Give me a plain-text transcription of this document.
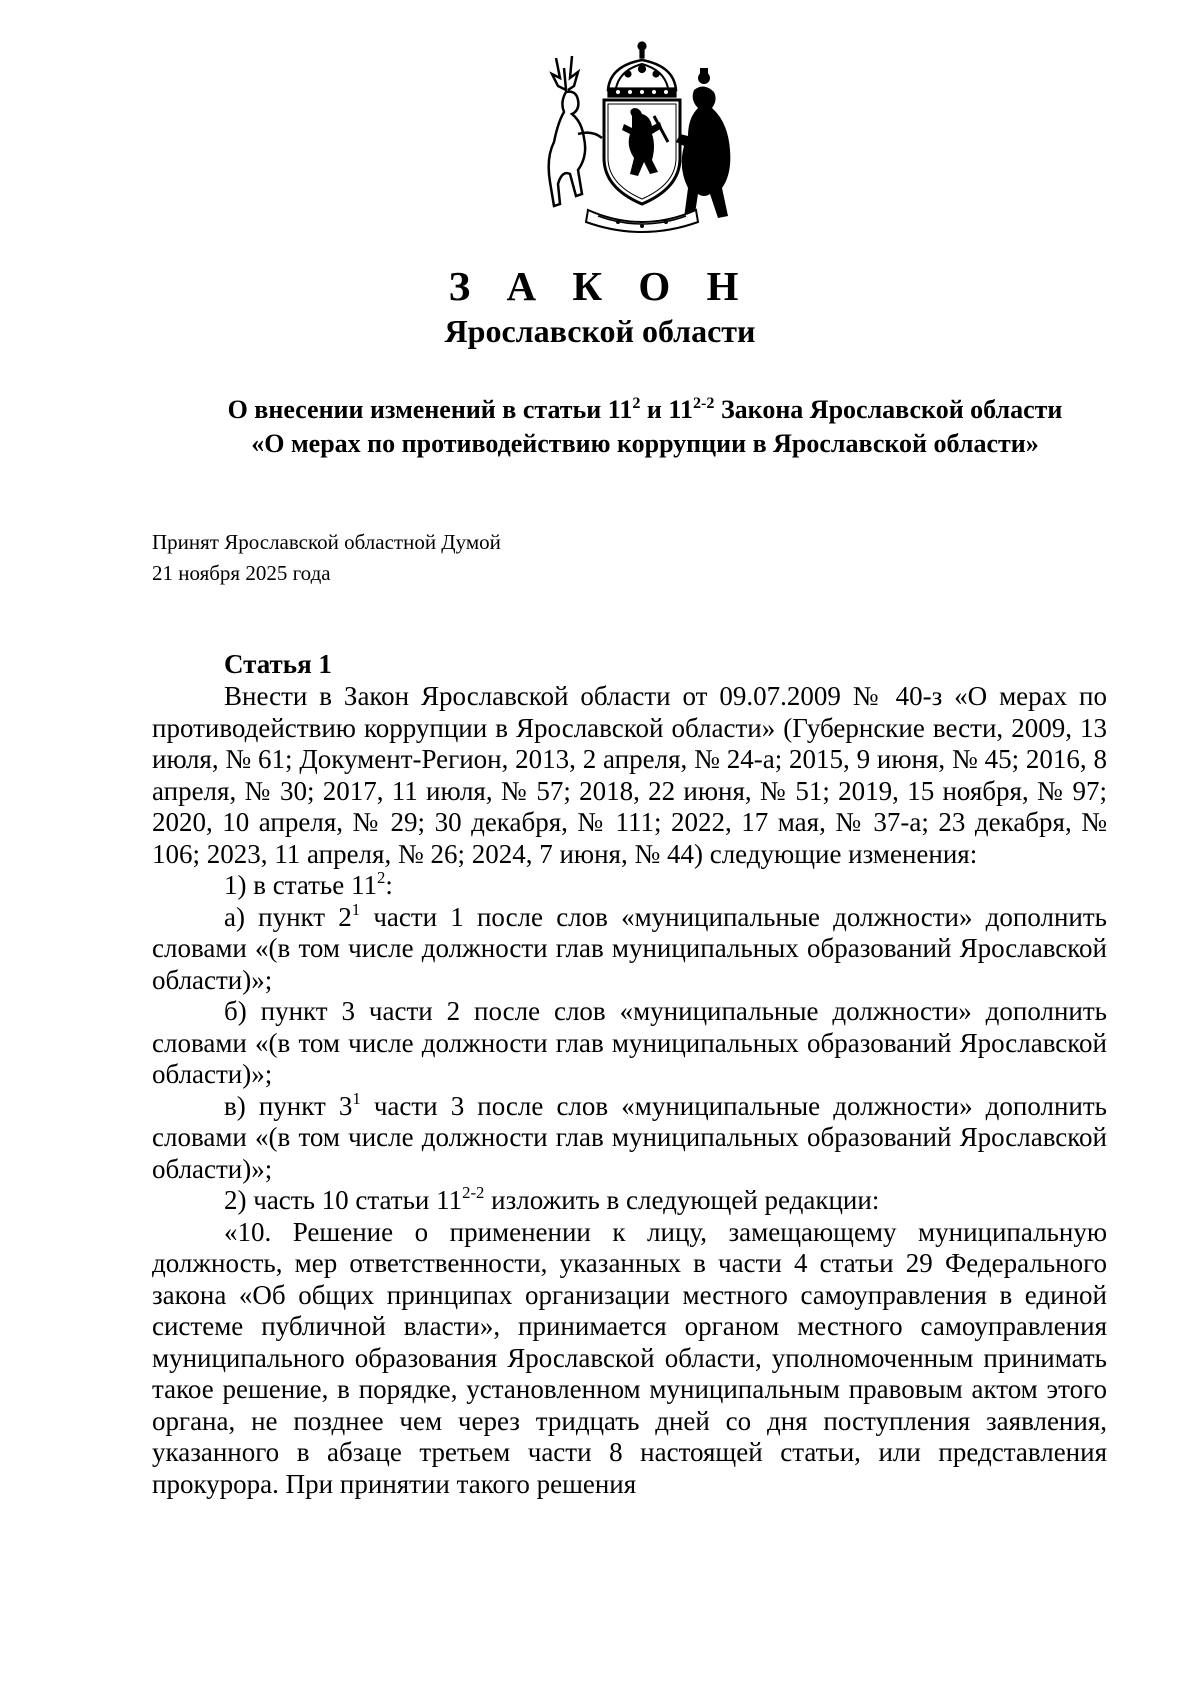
З А К О Н
Ярославской области
О внесении изменений в статьи $11^2$ и 11$^{2-2}$ Закона Ярославской области
«О мерах по противодействию коррупции в Ярославской области»
Принят Ярославской областной Думой
21 ноября 2025 года

Статья 1

Внести в Закон Ярославской области от 09.07.2009 № 40-з «О мерах по противодействию коррупции в Ярославской области» (Губернские вести, 2009, 13 июля, № 61; Документ-Регион, 2013, 2 апреля, № 24-а; 2015, 9 июня, № 45; 2016, 8 апреля, № 30; 2017, 11 июля, № 57; 2018, 22 июня, № 51; 2019, 15 ноября, № 97; 2020, 10 апреля, № 29; 30 декабря, № 111; 2022, 17 мая, № 37-а; 23 декабря, № 106; 2023, 11 апреля, № 26; 2024, 7 июня, № 44) следующие изменения:

1) в статье $11^2$:

а) пункт $2^1$ части 1 после слов «муниципальные должности» дополнить словами «(в том числе должности глав муниципальных образований Ярославской области)»;

б) пункт 3 части 2 после слов «муниципальные должности» дополнить словами «(в том числе должности глав муниципальных образований Ярославской области)»;

в) пункт $3^1$ части 3 после слов «муниципальные должности» дополнить словами «(в том числе должности глав муниципальных образований Ярославской области)»;

2) часть 10 статьи 11$^{2-2}$ изложить в следующей редакции:

«10. Решение о применении к лицу, замещающему муниципальную должность, мер ответственности, указанных в части 4 статьи 29 Федерального закона «Об общих принципах организации местного самоуправления в единой системе публичной власти», принимается органом местного самоуправления муниципального образования Ярославской области, уполномоченным принимать такое решение, в порядке, установленном муниципальным правовым актом этого органа, не позднее чем через тридцать дней со дня поступления заявления, указанного в абзаце третьем части 8 настоящей статьи, или представления прокурора. При принятии такого решения
